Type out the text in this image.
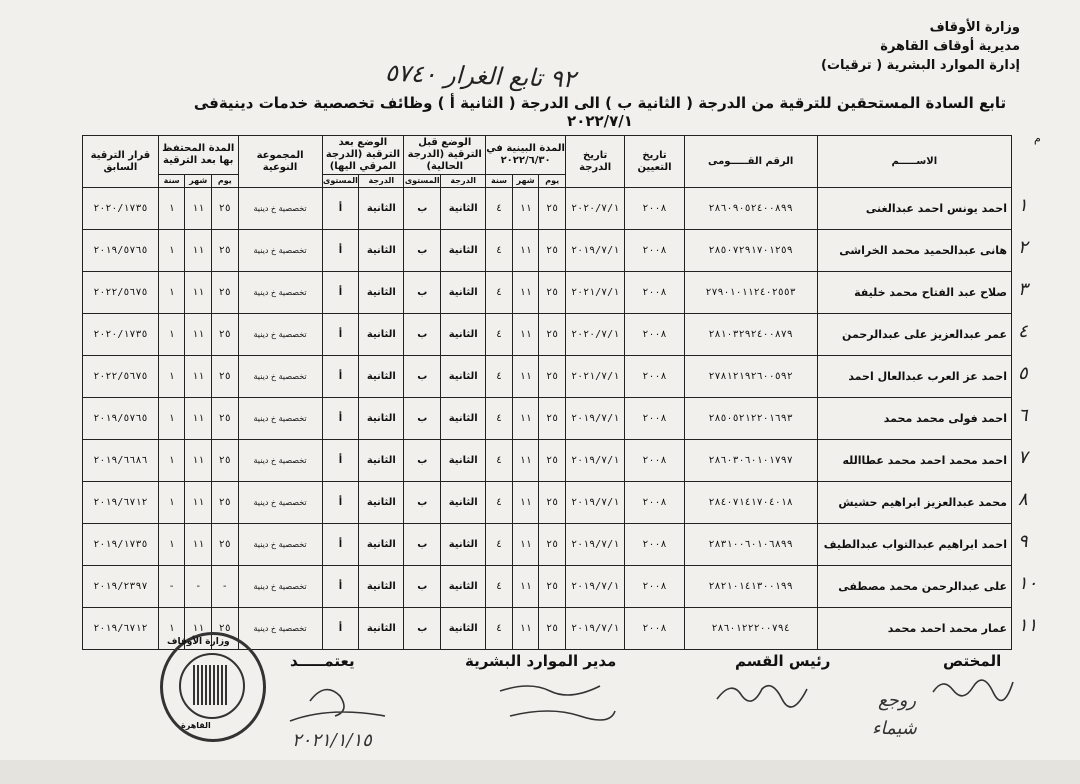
وزارة الأوقاف
مديرية أوقاف القاهرة
إدارة الموارد البشرية ( ترقيات)
٩٢ تابع الغرار ٥٧٤٠
تابع السادة المستحقين للترقية من الدرجة ( الثانية ب ) الى الدرجة ( الثانية أ ) وظائف تخصصية خدمات دينيةفى ٢٠٢٢/٧/١
م
الاســـــم	الرقم القـــــومى	تاريخ التعيين	تاريخ الدرجة	المدة البينية في ٢٠٢٢/٦/٣٠			الوضع قبل الترقية (الدرجة الحالية)		الوضع بعد الترقية (الدرجة المرقي اليها)		المجموعة النوعية	المدة المحتفظ بها بعد الترقية			قرار الترقية السابق
				يوم	شهر	سنة	الدرجة	المستوى	الدرجة	المستوى		يوم	شهر	سنة	
احمد يونس احمد عبدالغنى	٢٨٦٠٩٠٥٢٤٠٠٨٩٩	٢٠٠٨	٢٠٢٠/٧/١	٢٥	١١	٤	الثانية	ب	الثانية	أ	تخصصية خ دينية	٢٥	١١	١	٢٠٢٠/١٧٣٥
هانى عبدالحميد محمد الخراشى	٢٨٥٠٧٢٩١٧٠١٢٥٩	٢٠٠٨	٢٠١٩/٧/١	٢٥	١١	٤	الثانية	ب	الثانية	أ	تخصصية خ دينية	٢٥	١١	١	٢٠١٩/٥٧٦٥
صلاح عبد الفتاح محمد خليفة	٢٧٩٠١٠١١٢٤٠٢٥٥٣	٢٠٠٨	٢٠٢١/٧/١	٢٥	١١	٤	الثانية	ب	الثانية	أ	تخصصية خ دينية	٢٥	١١	١	٢٠٢٢/٥٦٧٥
عمر عبدالعزيز على عبدالرحمن	٢٨١٠٣٢٩٢٤٠٠٨٧٩	٢٠٠٨	٢٠٢٠/٧/١	٢٥	١١	٤	الثانية	ب	الثانية	أ	تخصصية خ دينية	٢٥	١١	١	٢٠٢٠/١٧٣٥
احمد عز العرب عبدالعال احمد	٢٧٨١٢١٩٢٦٠٠٥٩٢	٢٠٠٨	٢٠٢١/٧/١	٢٥	١١	٤	الثانية	ب	الثانية	أ	تخصصية خ دينية	٢٥	١١	١	٢٠٢٢/٥٦٧٥
احمد فولى محمد محمد	٢٨٥٠٥٢١٢٢٠١٦٩٣	٢٠٠٨	٢٠١٩/٧/١	٢٥	١١	٤	الثانية	ب	الثانية	أ	تخصصية خ دينية	٢٥	١١	١	٢٠١٩/٥٧٦٥
احمد محمد احمد محمد عطاالله	٢٨٦٠٣٠٦٠١٠١٧٩٧	٢٠٠٨	٢٠١٩/٧/١	٢٥	١١	٤	الثانية	ب	الثانية	أ	تخصصية خ دينية	٢٥	١١	١	٢٠١٩/٦٦٨٦
محمد عبدالعزيز ابراهيم حشيش	٢٨٤٠٧١٤١٧٠٤٠١٨	٢٠٠٨	٢٠١٩/٧/١	٢٥	١١	٤	الثانية	ب	الثانية	أ	تخصصية خ دينية	٢٥	١١	١	٢٠١٩/٦٧١٢
احمد ابراهيم عبدالتواب عبدالطيف	٢٨٣١٠٠٦٠١٠٦٨٩٩	٢٠٠٨	٢٠١٩/٧/١	٢٥	١١	٤	الثانية	ب	الثانية	أ	تخصصية خ دينية	٢٥	١١	١	٢٠١٩/١٧٣٥
على عبدالرحمن محمد مصطفى	٢٨٢١٠١٤١٣٠٠١٩٩	٢٠٠٨	٢٠١٩/٧/١	٢٥	١١	٤	الثانية	ب	الثانية	أ	تخصصية خ دينية	-	-	-	٢٠١٩/٢٣٩٧
عمار محمد احمد محمد	٢٨٦٠١٢٢٢٠٠٧٩٤	٢٠٠٨	٢٠١٩/٧/١	٢٥	١١	٤	الثانية	ب	الثانية	أ	تخصصية خ دينية	٢٥	١١	١	٢٠١٩/٦٧١٢
١
٢
٣
٤
٥
٦
٧
٨
٩
١٠
١١
المختص
رئيس القسم
مدير الموارد البشرية
يعتمـــــد
روجع
شيماء
٢٠٢١/١/١٥
وزارة الأوقاف
القاهرة
